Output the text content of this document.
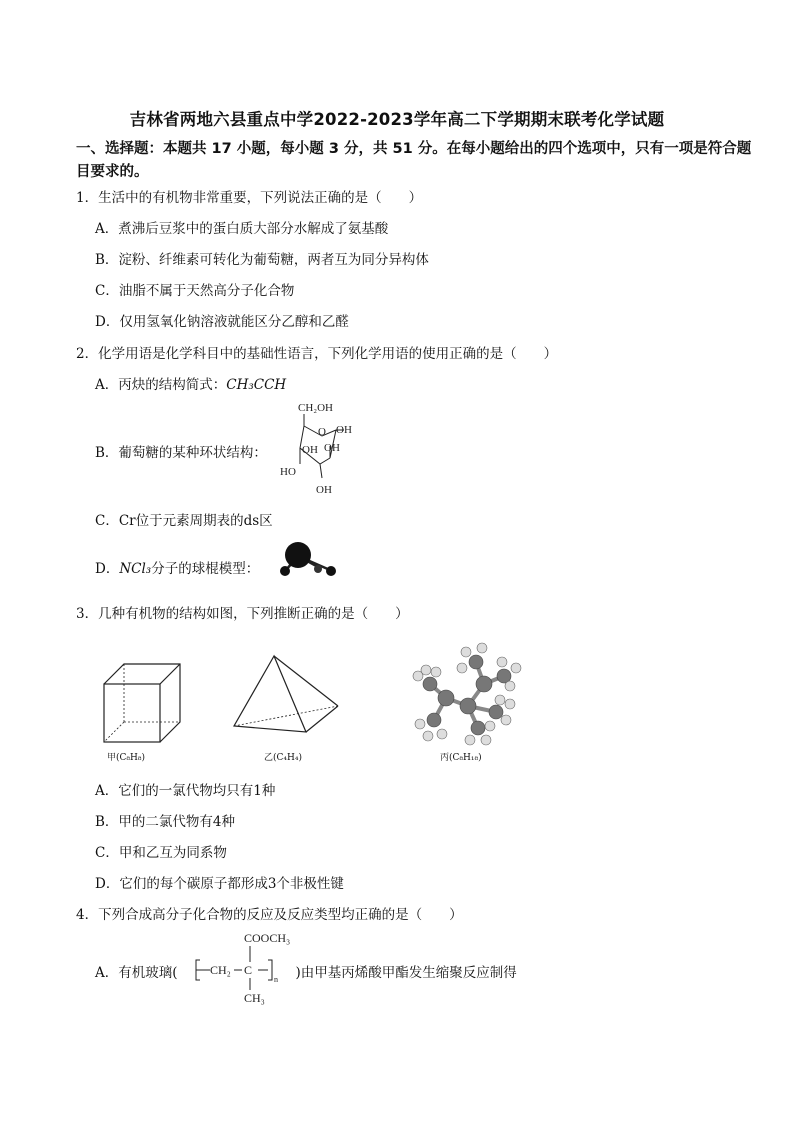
吉林省两地六县重点中学2022-2023学年高二下学期期末联考化学试题
一、选择题：本题共 17 小题，每小题 3 分，共 51 分。在每小题给出的四个选项中，只有一项是符合题目要求的。
1．生活中的有机物非常重要，下列说法正确的是（　　）
A．煮沸后豆浆中的蛋白质大部分水解成了氨基酸
B．淀粉、纤维素可转化为葡萄糖，两者互为同分异构体
C．油脂不属于天然高分子化合物
D．仅用氢氧化钠溶液就能区分乙醇和乙醛
2．化学用语是化学科目中的基础性语言，下列化学用语的使用正确的是（　　）
A．丙炔的结构简式：CH₃CCH
B．葡萄糖的某种环状结构：
CH₂OH
O OH
OH
HO
OH
OH
C．Cr位于元素周期表的ds区
D．NCl₃分子的球棍模型：
3．几种有机物的结构如图，下列推断正确的是（　　）
甲(C₈H₈)	乙(C₄H₄)	丙(C₈H₁₈)
A．它们的一氯代物均只有1种
B．甲的二氯代物有4种
C．甲和乙互为同系物
D．它们的每个碳原子都形成3个非极性键
4．下列合成高分子化合物的反应及反应类型均正确的是（　　）
A．有机玻璃(	)由甲基丙烯酸甲酯发生缩聚反应制得
COOCH₃
CH₂ C
n
CH₃
